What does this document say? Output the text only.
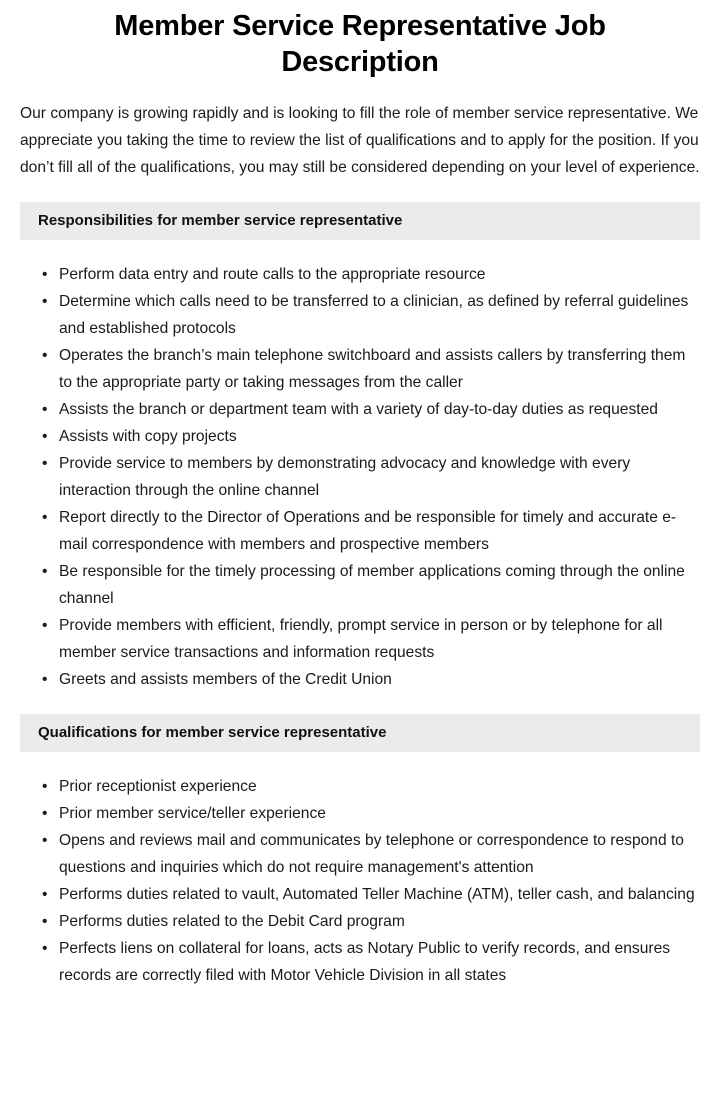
Member Service Representative Job Description

Our company is growing rapidly and is looking to fill the role of member service representative. We appreciate you taking the time to review the list of qualifications and to apply for the position. If you don’t fill all of the qualifications, you may still be considered depending on your level of experience.

Responsibilities for member service representative
• Perform data entry and route calls to the appropriate resource
• Determine which calls need to be transferred to a clinician, as defined by referral guidelines and established protocols
• Operates the branch’s main telephone switchboard and assists callers by transferring them to the appropriate party or taking messages from the caller
• Assists the branch or department team with a variety of day-to-day duties as requested
• Assists with copy projects
• Provide service to members by demonstrating advocacy and knowledge with every interaction through the online channel
• Report directly to the Director of Operations and be responsible for timely and accurate e-mail correspondence with members and prospective members
• Be responsible for the timely processing of member applications coming through the online channel
• Provide members with efficient, friendly, prompt service in person or by telephone for all member service transactions and information requests
• Greets and assists members of the Credit Union
Qualifications for member service representative
• Prior receptionist experience
• Prior member service/teller experience
• Opens and reviews mail and communicates by telephone or correspondence to respond to questions and inquiries which do not require management's attention
• Performs duties related to vault, Automated Teller Machine (ATM), teller cash, and balancing
• Performs duties related to the Debit Card program
• Perfects liens on collateral for loans, acts as Notary Public to verify records, and ensures records are correctly filed with Motor Vehicle Division in all states
